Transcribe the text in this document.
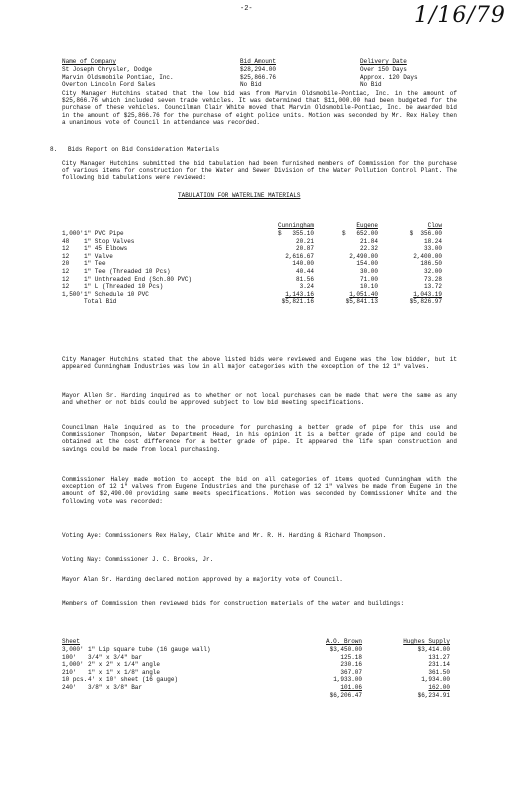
-2-	1/16/79

Name of Company	Bid Amount	Delivery Date
St Joseph Chrysler, Dodge	$28,294.00	Over 150 Days
Marvin Oldsmobile Pontiac, Inc.	$25,866.76	Approx. 120 Days
Overton Lincoln Ford Sales	No Bid	No Bid

City Manager Hutchins stated that the low bid was from Marvin Oldsmobile-Pontiac, Inc. in the amount of $25,866.76 which included seven trade vehicles. It was determined that $11,000.00 had been budgeted for the purchase of these vehicles. Councilman Clair White moved that Marvin Oldsmobile-Pontiac, Inc. be awarded bid in the amount of $25,866.76 for the purchase of eight police units. Motion was seconded by Mr. Rex Haley then a unanimous vote of Council in attendance was recorded.
8.   Bids Report on Bid Consideration Materials
City Manager Hutchins submitted the bid tabulation had been furnished members of Commission for the purchase of various items for construction for the Water and Sewer Division of the Water Pollution Control Plant. The following bid tabulations were reviewed:
TABULATION FOR WATERLINE MATERIALS

		Cunningham	Eugene	Clow
1,000'	1" PVC Pipe	$   355.10	$   652.00	$  356.00
48	1" Stop Valves	20.21	21.84	18.24
12	1" 45 Elbows	20.87	22.32	33.00
12	1" Valve	2,616.67	2,490.00	2,400.00
20	1" Tee	140.00	154.00	186.50
12	1" Tee (Threaded 10 Pcs)	40.44	30.00	32.00
12	1" Unthreaded End (Sch.80 PVC)	81.56	71.00	73.28
12	1" L (Threaded 10 Pcs)	3.24	10.10	13.72
1,500'	1" Schedule 10 PVC	1,143.16	1,051.40	1,043.19
	Total Bid	$5,821.16	$5,841.13	$5,826.97

City Manager Hutchins stated that the above listed bids were reviewed and Eugene was the low bidder, but it appeared Cunningham Industries was low in all major categories with the exception of the 12 1" valves.
Mayor Allen Sr. Harding inquired as to whether or not local purchases can be made that were the same as any and whether or not bids could be approved subject to low bid meeting specifications.
Councilman Hale inquired as to the procedure for purchasing a better grade of pipe for this use and Commissioner Thompson, Water Department Head, in his opinion it is a better grade of pipe and could be obtained at the cost difference for a better grade of pipe. It appeared the life span construction and savings could be made from local purchasing.
Commissioner Haley made motion to accept the bid on all categories of items quoted Cunningham with the exception of 12 1" valves from Eugene Industries and the purchase of 12 1" valves be made from Eugene in the amount of $2,490.00 providing same meets specifications. Motion was seconded by Commissioner White and the following vote was recorded:
Voting Aye: Commissioners Rex Haley, Clair White and Mr. R. H. Harding & Richard Thompson.
Voting Nay: Commissioner J. C. Brooks, Jr.
Mayor Alan Sr. Harding declared motion approved by a majority vote of Council.
Members of Commission then reviewed bids for construction materials of the water and buildings:

Sheet		A.O. Brown	Hughes Supply
3,000'	1" Lip square tube (16 gauge wall)	$3,450.00	$3,414.00
100'	3/4" x 3/4" bar	125.18	131.27
1,000'	2" x 2" x 1/4" angle	230.16	231.14
210'	1" x 1" x 1/8" angle	367.07	361.50
10 pcs.	4' x 10' sheet (16 gauge)	1,933.00	1,934.00
240'	3/8" x 3/8" Bar	101.06	162.00
		$6,206.47	$6,234.91
